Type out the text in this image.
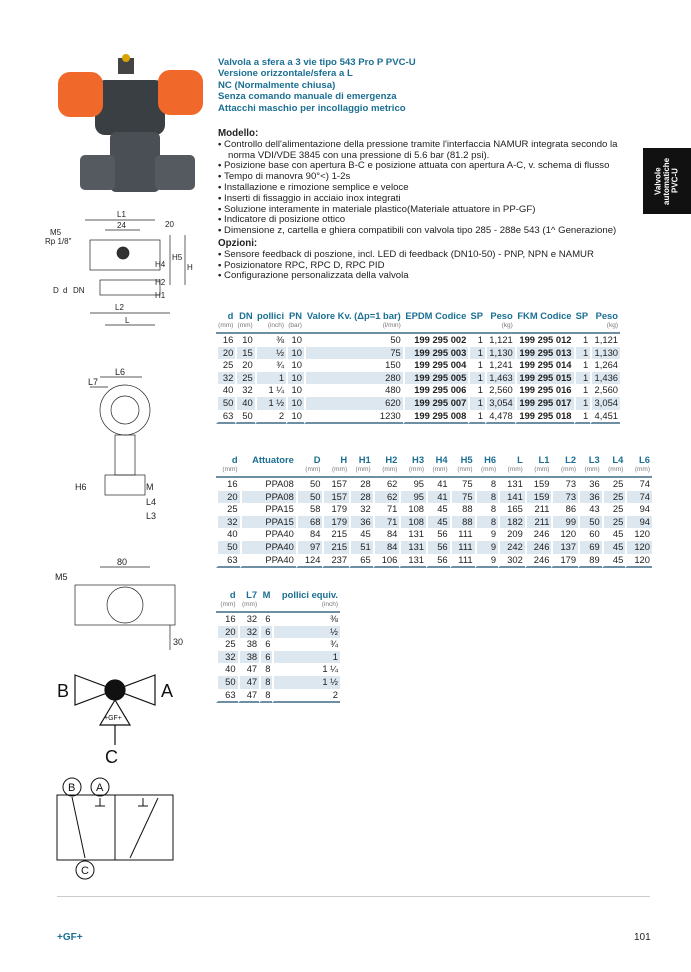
L1
24
M5
Rp 1/8"
20
H5
H
H4
H2
H1
D d DN
L2
L
L6
L7
H6	M
L4
L3
80
M5
30
B	A
C
+GF+
B A
C
Valvola a sfera a 3 vie tipo 543 Pro P PVC-U
Versione orizzontale/sfera a L
NC (Normalmente chiusa)
Senza comando manuale di emergenza
Attacchi maschio per incollaggio metrico
Modello:
• Controllo dell'alimentazione della pressione tramite l'interfaccia NAMUR integrata secondo la norma VDI/VDE 3845 con una pressione di 5.6 bar (81.2 psi).
• Posizione base con apertura B-C e posizione attuata con apertura A-C, v. schema di flusso
• Tempo di manovra 90°<) 1-2s
• Installazione e rimozione semplice e veloce
• Inserti di fissaggio in acciaio inox integrati
• Soluzione interamente in materiale plastico(Materiale attuatore in PP-GF)
• Indicatore di posizione ottico
• Dimensione z, cartella e ghiera compatibili con valvola tipo 285 - 288e 543 (1^ Generazione)
Opzioni:
• Sensore feedback di poszione, incl. LED di feedback (DN10-50) - PNP, NPN e NAMUR
• Posizionatore RPC, RPC D, RPC PID
• Configurazione personalizzata della valvola
Valvole automatiche PVC-U
d
(mm)	DN
(mm)	pollici
(inch)	PN
(bar)	Valore Kv. (Δp=1 bar)
(l/min)	EPDM Codice	SP	Peso
(kg)	FKM Codice	SP	Peso
(kg)

16	10	⅜	10	50	199 295 002	1	1,121	199 295 012	1	1,121
20	15	½	10	75	199 295 003	1	1,130	199 295 013	1	1,130
25	20	¾	10	150	199 295 004	1	1,241	199 295 014	1	1,264
32	25	1	10	280	199 295 005	1	1,463	199 295 015	1	1,436
40	32	1 ¼	10	480	199 295 006	1	2,560	199 295 016	1	2,560
50	40	1 ½	10	620	199 295 007	1	3,054	199 295 017	1	3,054
63	50	2	10	1230	199 295 008	1	4,478	199 295 018	1	4,451
d
(mm)	Attuatore	D
(mm)	H
(mm)	H1
(mm)	H2
(mm)	H3
(mm)	H4
(mm)	H5
(mm)	H6
(mm)	L
(mm)	L1
(mm)	L2
(mm)	L3
(mm)	L4
(mm)	L6
(mm)

16	PPA08	50	157	28	62	95	41	75	8	131	159	73	36	25	74
20	PPA08	50	157	28	62	95	41	75	8	141	159	73	36	25	74
25	PPA15	58	179	32	71	108	45	88	8	165	211	86	43	25	94
32	PPA15	68	179	36	71	108	45	88	8	182	211	99	50	25	94
40	PPA40	84	215	45	84	131	56	111	9	209	246	120	60	45	120
50	PPA40	97	215	51	84	131	56	111	9	242	246	137	69	45	120
63	PPA40	124	237	65	106	131	56	111	9	302	246	179	89	45	120
d
(mm)	L7
(mm)	M	pollici equiv.
(inch)

16	32	6	⅜
20	32	6	½
25	38	6	¾
32	38	6	1
40	47	8	1 ¼
50	47	8	1 ½
63	47	8	2
+GF+	101
